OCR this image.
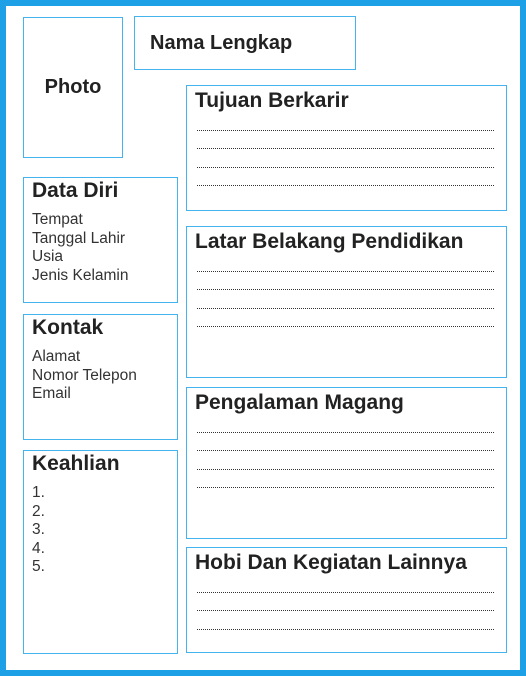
Photo
Nama Lengkap
Data Diri
Tempat
Tanggal Lahir
Usia
Jenis Kelamin
Kontak
Alamat
Nomor Telepon
Email
Keahlian
1.
2.
3.
4.
5.
Tujuan Berkarir
Latar Belakang Pendidikan
Pengalaman Magang
Hobi Dan Kegiatan Lainnya
